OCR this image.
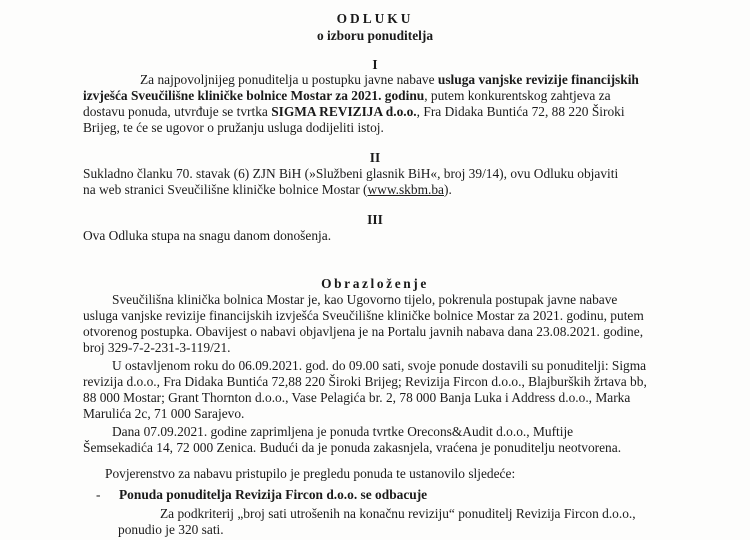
ODLUKU
o izboru ponuditelja
I
Za najpovoljnijeg ponuditelja u postupku javne nabave usluga vanjske revizije financijskih
izvješća Sveučilišne kliničke bolnice Mostar za 2021. godinu, putem konkurentskog zahtjeva za
dostavu ponuda, utvrđuje se tvrtka SIGMA REVIZIJA d.o.o., Fra Didaka Buntića 72, 88 220 Široki
Brijeg, te će se ugovor o pružanju usluga dodijeliti istoj.
II
Sukladno članku 70. stavak (6) ZJN BiH (»Službeni glasnik BiH«, broj 39/14), ovu Odluku objaviti
na web stranici Sveučilišne kliničke bolnice Mostar (www.skbm.ba).
III
Ova Odluka stupa na snagu danom donošenja.
Obrazloženje
Sveučilišna klinička bolnica Mostar je, kao Ugovorno tijelo, pokrenula postupak javne nabave
usluga vanjske revizije financijskih izvješća Sveučilišne kliničke bolnice Mostar za 2021. godinu, putem
otvorenog postupka. Obavijest o nabavi objavljena je na Portalu javnih nabava dana 23.08.2021. godine,
broj 329-7-2-231-3-119/21.
U ostavljenom roku do 06.09.2021. god. do 09.00 sati, svoje ponude dostavili su ponuditelji: Sigma
revizija d.o.o., Fra Didaka Buntića 72,88 220 Široki Brijeg; Revizija Fircon d.o.o., Blajburških žrtava bb,
88 000 Mostar; Grant Thornton d.o.o., Vase Pelagića br. 2, 78 000 Banja Luka i Address d.o.o., Marka
Marulića 2c, 71 000 Sarajevo.
Dana 07.09.2021. godine zaprimljena je ponuda tvrtke Orecons&Audit d.o.o., Muftije
Šemsekadića 14, 72 000 Zenica. Budući da je ponuda zakasnjela, vraćena je ponuditelju neotvorena.
Povjerenstvo za nabavu pristupilo je pregledu ponuda te ustanovilo sljedeće:
- Ponuda ponuditelja Revizija Fircon d.o.o. se odbacuje
Za podkriterij „broj sati utrošenih na konačnu reviziju“ ponuditelj Revizija Fircon d.o.o.,
ponudio je 320 sati.
